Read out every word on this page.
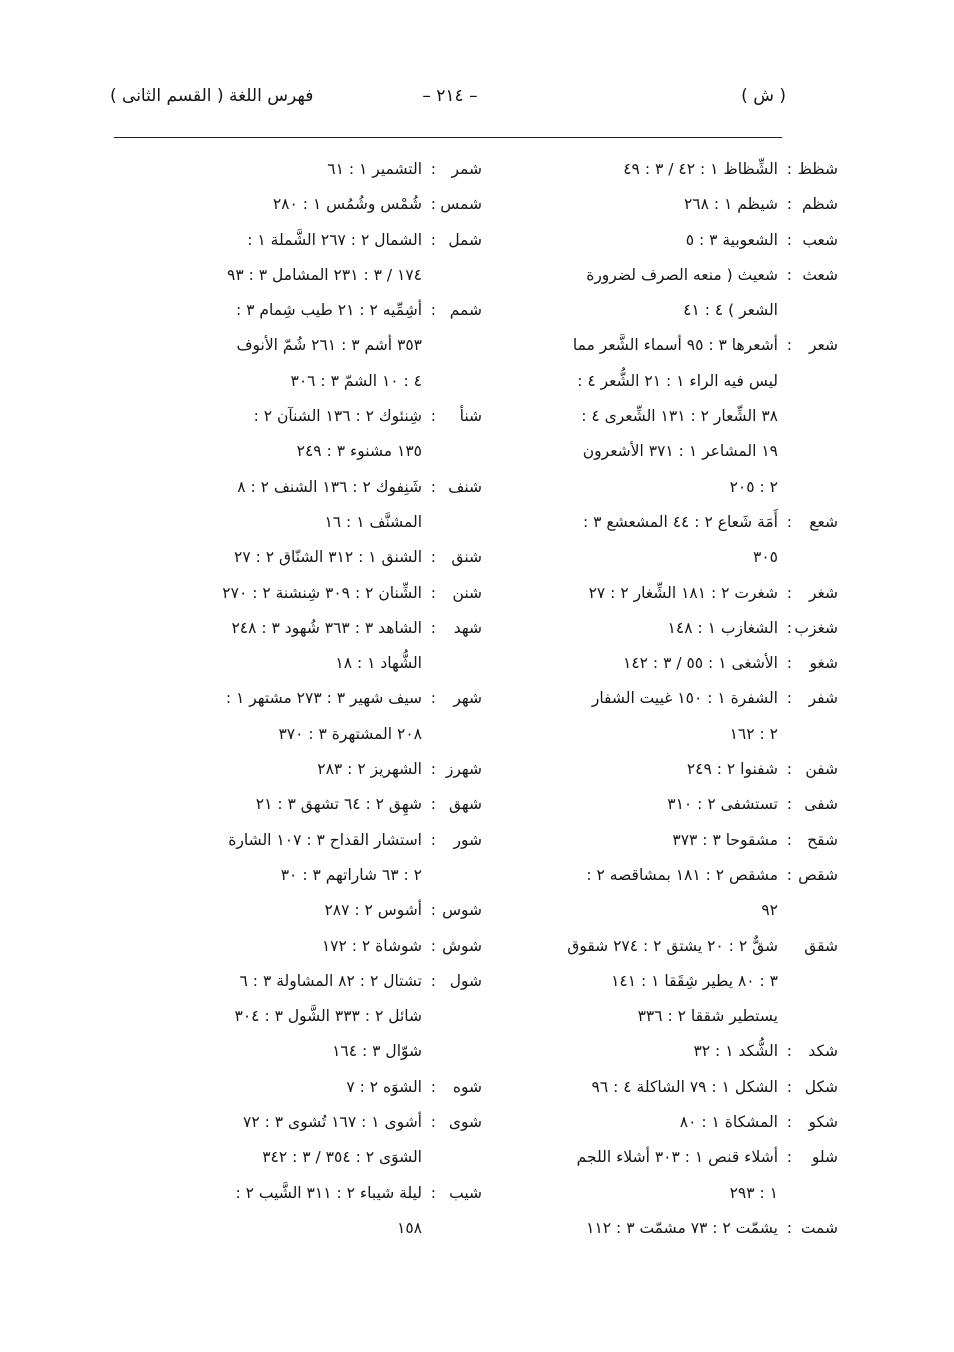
( ش )
– ٢١٤ –
فهرس اللغة ( القسم الثانى )
شظظ
:
الشِّظاظ ١ : ٤٢ / ٣ : ٤٩
شظم
:
شيظم ١ : ٢٦٨
شعب
:
الشعوبية ٣ : ٥
شعث
:
شعيث ( منعه الصرف لضرورة
الشعر ) ٤ : ٤١
شعر
:
أشعرها ٣ : ٩٥ أسماء الشَّعر مما
ليس فيه الراء ١ : ٢١ الشُّعر ٤ :
٣٨ الشِّعار ٢ : ١٣١ الشِّعرى ٤ :
١٩ المشاعر ١ : ٣٧١ الأشعرون
٢ : ٢٠٥
شعع
:
أَمَة شَعاع ٢ : ٤٤ المشعشع ٣ :
٣٠٥
شغر
:
شغرت ٢ : ١٨١ الشِّغار ٢ : ٢٧
شغزب
:
الشغازب ١ : ١٤٨
شغو
:
الأشغى ١ : ٥٥ / ٣ : ١٤٢
شفر
:
الشفرة ١ : ١٥٠ غييت الشفار
٢ : ١٦٢
شفن
:
شفنوا ٢ : ٢٤٩
شفى
:
تستشفى ٢ : ٣١٠
شقح
:
مشقوحا ٣ : ٣٧٣
شقص
:
مشقص ٢ : ١٨١ بمشاقصه ٢ :
٩٢
شقق
شقٌّ ٢ : ٢٠ يشتق ٢ : ٢٧٤ شقوق
٣ : ٨٠ يطير شِقَقا ١ : ١٤١
يستطير شققا ٢ : ٣٣٦
شكد
:
الشُّكد ١ : ٣٢
شكل
:
الشكل ١ : ٧٩ الشاكلة ٤ : ٩٦
شكو
:
المشكاة ١ : ٨٠
شلو
:
أشلاء قنص ١ : ٣٠٣ أشلاء اللجم
١ : ٢٩٣
شمت
:
يشمّت ٢ : ٧٣ مشمّت ٣ : ١١٢
شمر
:
التشمير ١ : ٦١
شمس
:
شُمْس وشُمُس ١ : ٢٨٠
شمل
:
الشمال ٢ : ٢٦٧ الشَّملة ١ :
١٧٤ / ٣ : ٢٣١ المشامل ٣ : ٩٣
شمم
:
أشِمِّيه ٢ : ٢١ طيب شِمام ٣ :
٣٥٣ أشم ٣ : ٢٦١ شُمّ الأنوف
٤ : ١٠ الشمّ ٣ : ٣٠٦
شنأ
:
شِنئوك ٢ : ١٣٦ الشنآن ٢ :
١٣٥ مشنوء ٣ : ٢٤٩
شنف
:
شَنِفوك ٢ : ١٣٦ الشنف ٢ : ٨
المشنَّف ١ : ١٦
شنق
:
الشنق ١ : ٣١٢ الشنّاق ٢ : ٢٧
شنن
:
الشِّنان ٢ : ٣٠٩ شِنشنة ٢ : ٢٧٠
شهد
:
الشاهد ٣ : ٣٦٣ شُهود ٣ : ٢٤٨
الشُّهاد ١ : ١٨
شهر
:
سيف شهير ٣ : ٢٧٣ مشتهر ١ :
٢٠٨ المشتهرة ٣ : ٣٧٠
شهرز
:
الشهريز ٢ : ٢٨٣
شهق
:
شهِق ٢ : ٦٤ تشهق ٣ : ٢١
شور
:
استشار القداح ٣ : ١٠٧ الشارة
٢ : ٦٣ شاراتهم ٣ : ٣٠
شوس
:
أشوس ٢ : ٢٨٧
شوش
:
شوشاة ٢ : ١٧٢
شول
:
تشتال ٢ : ٨٢ المشاولة ٣ : ٦
شائل ٢ : ٣٣٣ الشَّول ٣ : ٣٠٤
شوّال ٣ : ١٦٤
شوه
:
الشوَه ٢ : ٧
شوى
:
أشوى ١ : ١٦٧ تُشوى ٣ : ٧٢
الشوَى ٢ : ٣٥٤ / ٣ : ٣٤٢
شيب
:
ليلة شيباء ٢ : ٣١١ الشَّيب ٢ :
١٥٨
